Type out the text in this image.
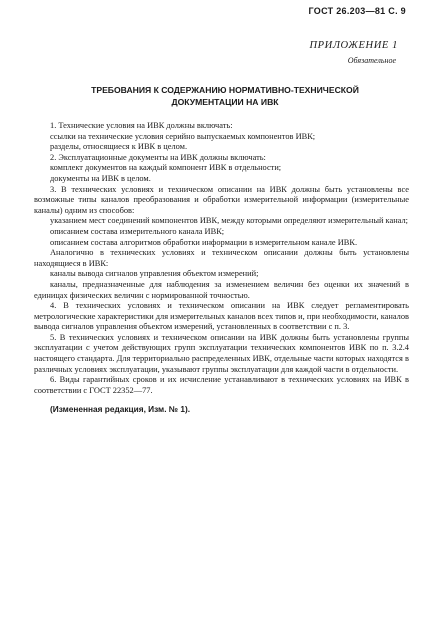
ГОСТ 26.203—81 С. 9
ПРИЛОЖЕНИЕ 1
Обязательное
ТРЕБОВАНИЯ К СОДЕРЖАНИЮ НОРМАТИВНО-ТЕХНИЧЕСКОЙ
ДОКУМЕНТАЦИИ НА ИВК

1. Технические условия на ИВК должны включать:

ссылки на технические условия серийно выпускаемых компонентов ИВК;

разделы, относящиеся к ИВК в целом.

2. Эксплуатационные документы на ИВК должны включать:

комплект документов на каждый компонент ИВК в отдельности;

документы на ИВК в целом.

3. В технических условиях и техническом описании на ИВК должны быть установлены все возможные типы каналов преобразования и обработки измерительной информации (измерительные каналы) одним из способов:

указанием мест соединений компонентов ИВК, между которыми определяют измерительный канал;

описанием состава измерительного канала ИВК;

описанием состава алгоритмов обработки информации в измерительном канале ИВК.

Аналогично в технических условиях и техническом описании должны быть установлены находящиеся в ИВК:

каналы вывода сигналов управления объектом измерений;

каналы, предназначенные для наблюдения за изменением величин без оценки их значений в единицах физических величин с нормированной точностью.

4. В технических условиях и техническом описании на ИВК следует регламентировать метрологические характеристики для измерительных каналов всех типов и, при необходимости, каналов вывода сигналов управления объектом измерений, установленных в соответствии с п. 3.

5. В технических условиях и техническом описании на ИВК должны быть установлены группы эксплуатации с учетом действующих групп эксплуатации технических компонентов ИВК по п. 3.2.4 настоящего стандарта. Для территориально распределенных ИВК, отдельные части которых находятся в различных условиях эксплуатации, указывают группы эксплуатации для каждой части в отдельности.

6. Виды гарантийных сроков и их исчисление устанавливают в технических условиях на ИВК в соответствии с ГОСТ 22352—77.

(Измененная редакция, Изм. № 1).
